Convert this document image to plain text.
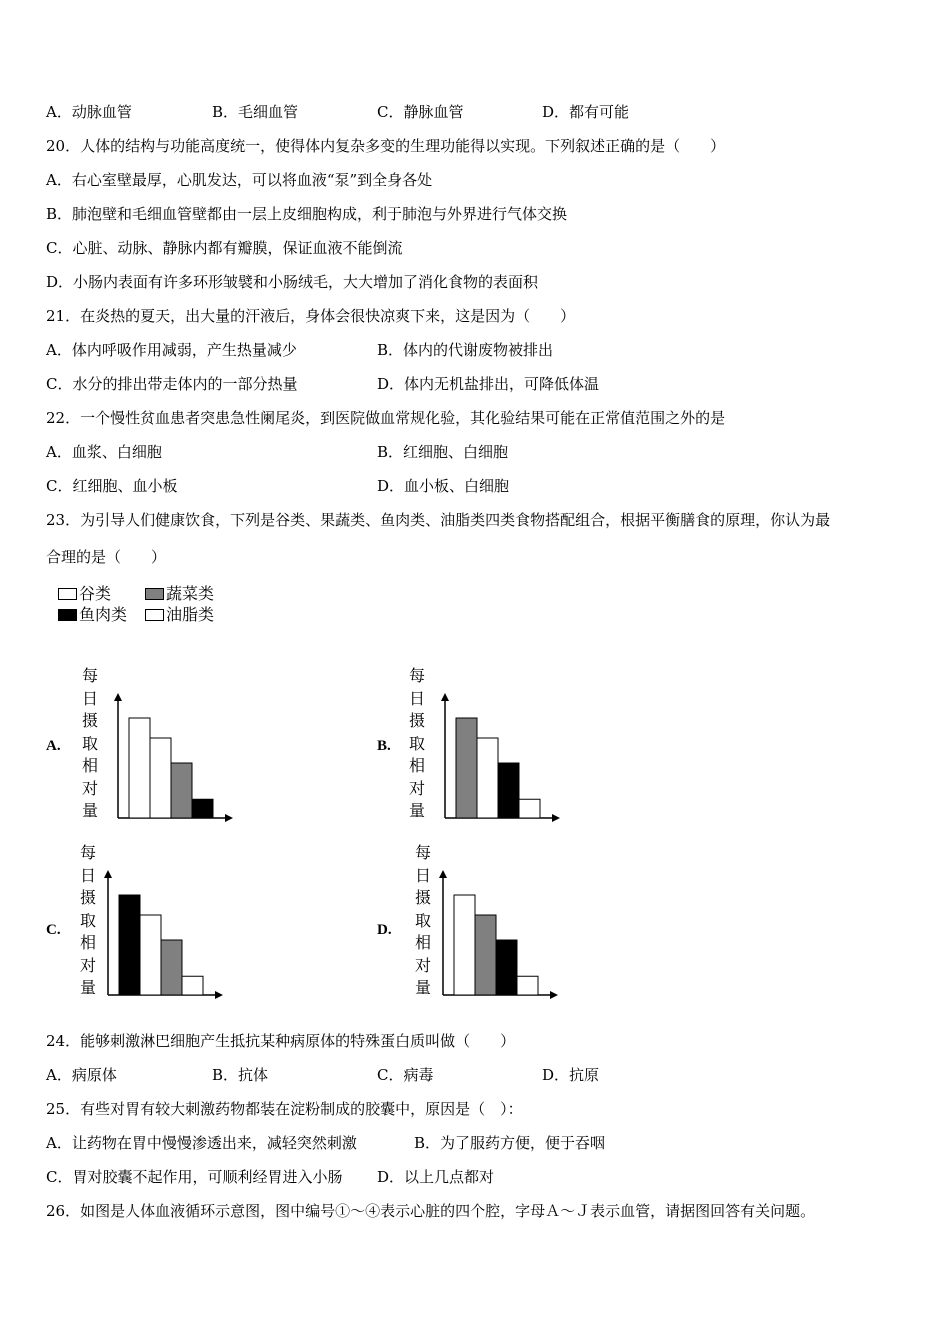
A．动脉血管	B．毛细血管	C．静脉血管	D．都有可能
20．人体的结构与功能高度统一，使得体内复杂多变的生理功能得以实现。下列叙述正确的是（　　）
A．右心室壁最厚，心肌发达，可以将血液“泵”到全身各处
B．肺泡壁和毛细血管壁都由一层上皮细胞构成，利于肺泡与外界进行气体交换
C．心脏、动脉、静脉内都有瓣膜，保证血液不能倒流
D．小肠内表面有许多环形皱襞和小肠绒毛，大大增加了消化食物的表面积
21．在炎热的夏天，出大量的汗液后，身体会很快凉爽下来，这是因为（　　）
A．体内呼吸作用减弱，产生热量减少	B．体内的代谢废物被排出
C．水分的排出带走体内的一部分热量	D．体内无机盐排出，可降低体温
22．一个慢性贫血患者突患急性阑尾炎，到医院做血常规化验，其化验结果可能在正常值范围之外的是
A．血浆、白细胞	B．红细胞、白细胞
C．红细胞、血小板	D．血小板、白细胞
23．为引导人们健康饮食，下列是谷类、果蔬类、鱼肉类、油脂类四类食物搭配组合，根据平衡膳食的原理，你认为最
合理的是（　　）
谷类	蔬菜类
鱼肉类 油脂类
A.
每
日
摄
取
相
对
量
B.
每
日
摄
取
相
对
量
C.
每
日
摄
取
相
对
量
D.
每
日
摄
取
相
对
量
24．能够刺激淋巴细胞产生抵抗某种病原体的特殊蛋白质叫做（　　）
A．病原体	B．抗体	C．病毒	D．抗原
25．有些对胃有较大刺激药物都装在淀粉制成的胶囊中，原因是（　）：
A．让药物在胃中慢慢渗透出来，减轻突然刺激	B．为了服药方便，便于吞咽
C．胃对胶囊不起作用，可顺利经胃进入小肠 D．以上几点都对
26．如图是人体血液循环示意图，图中编号①～④表示心脏的四个腔，字母Ａ～Ｊ表示血管，请据图回答有关问题。
